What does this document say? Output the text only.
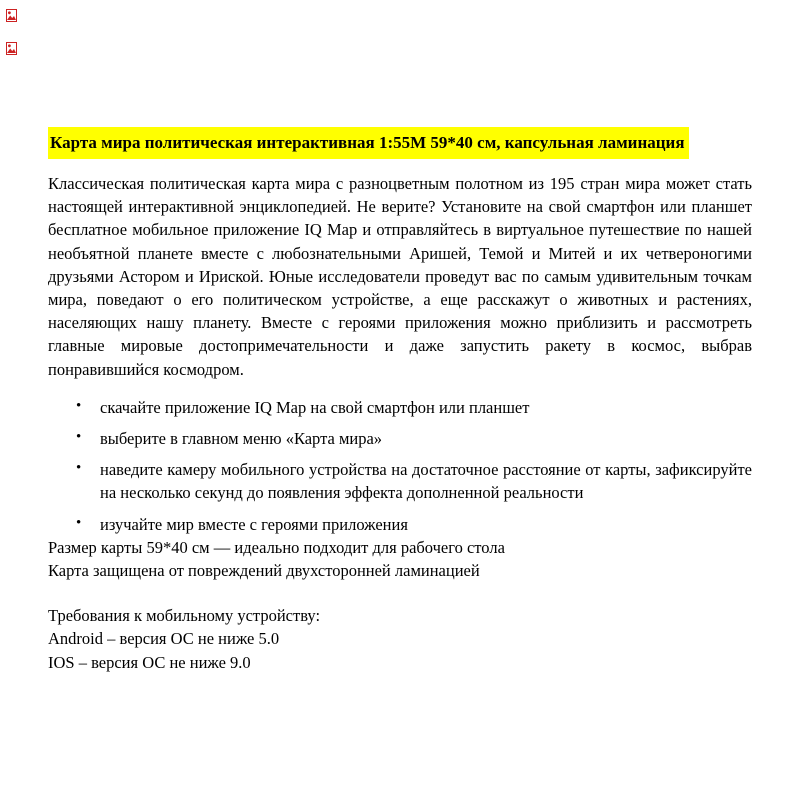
Карта мира политическая интерактивная 1:55М 59*40 см, капсульная ламинация

Классическая политическая карта мира с разноцветным полотном из 195 стран мира может стать настоящей интерактивной энциклопедией. Не верите? Установите на свой смартфон или планшет бесплатное мобильное приложение IQ Map и отправляйтесь в виртуальное путешествие по нашей необъятной планете вместе с любознательными Аришей, Темой и Митей и их четвероногими друзьями Астором и Ириской. Юные исследователи проведут вас по самым удивительным точкам мира, поведают о его политическом устройстве, а еще расскажут о животных и растениях, населяющих нашу планету. Вместе с героями приложения можно приблизить и рассмотреть главные мировые достопримечательности и даже запустить ракету в космос, выбрав понравившийся космодром.

• скачайте приложение IQ Map на свой смартфон или планшет
• выберите в главном меню «Карта мира»
• наведите камеру мобильного устройства на достаточное расстояние от карты, зафиксируйте на несколько секунд до появления эффекта дополненной реальности
• изучайте мир вместе с героями приложения

Размер карты 59*40 см — идеально подходит для рабочего стола

Карта защищена от повреждений двухсторонней ламинацией

Требования к мобильному устройству:

Android – версия ОС не ниже 5.0

IOS – версия ОС не ниже 9.0
